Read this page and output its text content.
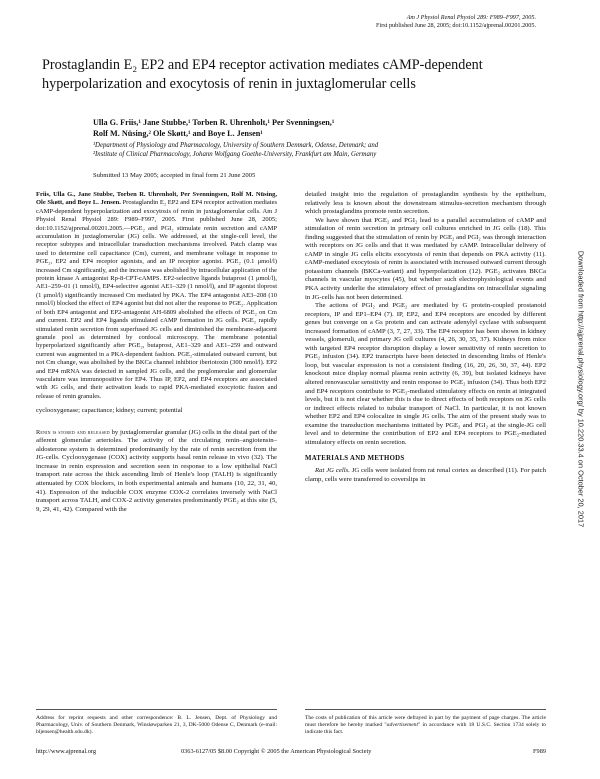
Am J Physiol Renal Physiol 289: F989–F997, 2005.
First published June 28, 2005; doi:10.1152/ajprenal.00201.2005.
Prostaglandin E₂ EP2 and EP4 receptor activation mediates cAMP-dependent hyperpolarization and exocytosis of renin in juxtaglomerular cells
Ulla G. Friis,¹ Jane Stubbe,¹ Torben R. Uhrenholt,¹ Per Svenningsen,¹
Rolf M. Nüsing,² Ole Skøtt,¹ and Boye L. Jensen¹
¹Department of Physiology and Pharmacology, University of Southern Denmark, Odense, Denmark; and
²Institute of Clinical Pharmacology, Johann Wolfgang Goethe-University, Frankfurt am Main, Germany
Submitted 13 May 2005; accepted in final form 21 June 2005
Downloaded from http://ajprenal.physiology.org/ by 10.220.33.4 on October 20, 2017
Friis, Ulla G., Jane Stubbe, Torben R. Uhrenholt, Per Svenningsen, Rolf M. Nüsing, Ole Skøtt, and Boye L. Jensen. Prostaglandin E₂ EP2 and EP4 receptor activation mediates cAMP-dependent hyperpolarization and exocytosis of renin in juxtaglomerular cells. Am J Physiol Renal Physiol 289: F989–F997, 2005. First published June 28, 2005; doi:10.1152/ajprenal.00201.2005.—PGE₂ and PGI₂ stimulate renin secretion and cAMP accumulation in juxtaglomerular (JG) cells. We addressed, at the single-cell level, the receptor subtypes and intracellular transduction mechanisms involved. Patch clamp was used to determine cell capacitance (Cm), current, and membrane voltage in response to PGE₂, EP2 and EP4 receptor agonists, and an IP receptor agonist. PGE₂ (0.1 μmol/l) increased Cm significantly, and the increase was abolished by intracellular application of the protein kinase A antagonist Rp-8-CPT-cAMPS. EP2-selective ligands butaprost (1 μmol/l), AE1–259–01 (1 nmol/l), EP4-selective agonist AE1–329 (1 nmol/l), and IP agonist iloprost (1 μmol/l) significantly increased Cm mediated by PKA. The EP4 antagonist AE3–208 (10 nmol/l) blocked the effect of EP4 agonist but did not alter the response to PGE₂. Application of both EP4 antagonist and EP2-antagonist AH-6809 abolished the effects of PGE₂ on Cm and current. EP2 and EP4 ligands stimulated cAMP formation in JG cells. PGE₂ rapidly stimulated renin secretion from superfused JG cells and diminished the membrane-adjacent granule pool as determined by confocal microscopy. The membrane potential hyperpolarized significantly after PGE₂, butaprost, AE1–329 and AE1–259 and outward current was augmented in a PKA-dependent fashion. PGE₂-stimulated outward current, but not Cm change, was abolished by the BKCa channel inhibitor iberiotoxin (300 nmol/l). EP2 and EP4 mRNA was detected in sampled JG cells, and the preglomerular and glomerular vasculature was immunopositive for EP4. Thus IP, EP2, and EP4 receptors are associated with JG cells, and their activation leads to rapid PKA-mediated exocytotic fusion and release of renin granules.
cyclooxygenase; capacitance; kidney; current; potential

Renin is stored and released by juxtaglomerular granular (JG) cells in the distal part of the afferent glomerular arterioles. The activity of the circulating renin–angiotensin–aldosterone system is determined predominantly by the rate of renin secretion from the JG-cells. Cyclooxygenase (COX) activity supports basal renin release in vivo (32). The increase in renin expression and secretion seen in response to a low epithelial NaCl transport rate across the thick ascending limb of Henle's loop (TALH) is significantly attenuated by COX blockers, in both experimental animals and humans (10, 22, 31, 40, 41). Expression of the inducible COX enzyme COX-2 correlates inversely with NaCl transport across TALH, and COX-2 activity generates predominantly PGE₂ at this site (5, 9, 29, 41, 42). Compared with the

detailed insight into the regulation of prostaglandin synthesis by the epithelium, relatively less is known about the downstream stimulus-secretion mechanism through which prostaglandins promote renin secretion.

We have shown that PGE₂ and PGI₂ lead to a parallel accumulation of cAMP and stimulation of renin secretion in primary cell cultures enriched in JG cells (18). This finding suggested that the stimulation of renin by PGE₂ and PGI₂ was through interaction with receptors on JG cells and that it was mediated by cAMP. Intracellular delivery of cAMP in single JG cells elicits exocytosis of renin that depends on PKA activity (11). cAMP-mediated exocytosis of renin is associated with increased outward current through potassium channels (BKCa-variant) and hyperpolarization (12). PGE₂ activates BKCa channels in vascular myocytes (45), but whether such electrophysiological events and PKA activity underlie the stimulatory effect of prostaglandins on intracellular signaling in JG-cells has not been determined.

The actions of PGI₂ and PGE₂ are mediated by G protein-coupled prostanoid receptors, IP and EP1–EP4 (7). IP, EP2, and EP4 receptors are encoded by different genes but converge on a Gs protein and can activate adenylyl cyclase with subsequent increased formation of cAMP (3, 7, 27, 33). The EP4 receptor has been shown in kidney vessels, glomeruli, and primary JG cell cultures (4, 26, 30, 35, 37). Kidneys from mice with targeted EP4 receptor disruption display a lower sensitivity of renin secretion to PGE₂ infusion (34). EP2 transcripts have been detected in descending limbs of Henle's loop, but vascular expression is not a consistent finding (16, 20, 26, 30, 37, 44). EP2 knockout mice display normal plasma renin activity (6, 39), but isolated kidneys have altered renovascular sensitivity and renin response to PGE₂ infusion (34). Thus both EP2 and EP4 receptors contribute to PGE₂-mediated stimulatory effects on renin at integrated levels, but it is not clear whether this is due to direct effects of both receptors on JG cells or indirect effects related to tubular transport of NaCl. In particular, it is not known whether EP2 and EP4 colocalize in single JG cells. The aim of the present study was to examine the transduction mechanisms initiated by PGE₂ and PGI₂ at the single-JG cell level and to determine the contribution of EP2 and EP4 receptors to PGE₂-mediated stimulatory effects on renin secretion.

MATERIALS AND METHODS

Rat JG cells. JG cells were isolated from rat renal cortex as described (11). For patch clamp, cells were transferred to coverslips in

Address for reprint requests and other correspondence: B. L. Jensen, Dept. of Physiology and Pharmacology, Univ. of Southern Denmark, Winsløwparken 21, 3, DK-5000 Odense C, Denmark (e-mail: bljensen@health.sdu.dk).
The costs of publication of this article were defrayed in part by the payment of page charges. The article must therefore be hereby marked "advertisement" in accordance with 18 U.S.C. Section 1734 solely to indicate this fact.
http://www.ajprenal.org	0363-6127/05 $8.00 Copyright © 2005 the American Physiological Society	F989
